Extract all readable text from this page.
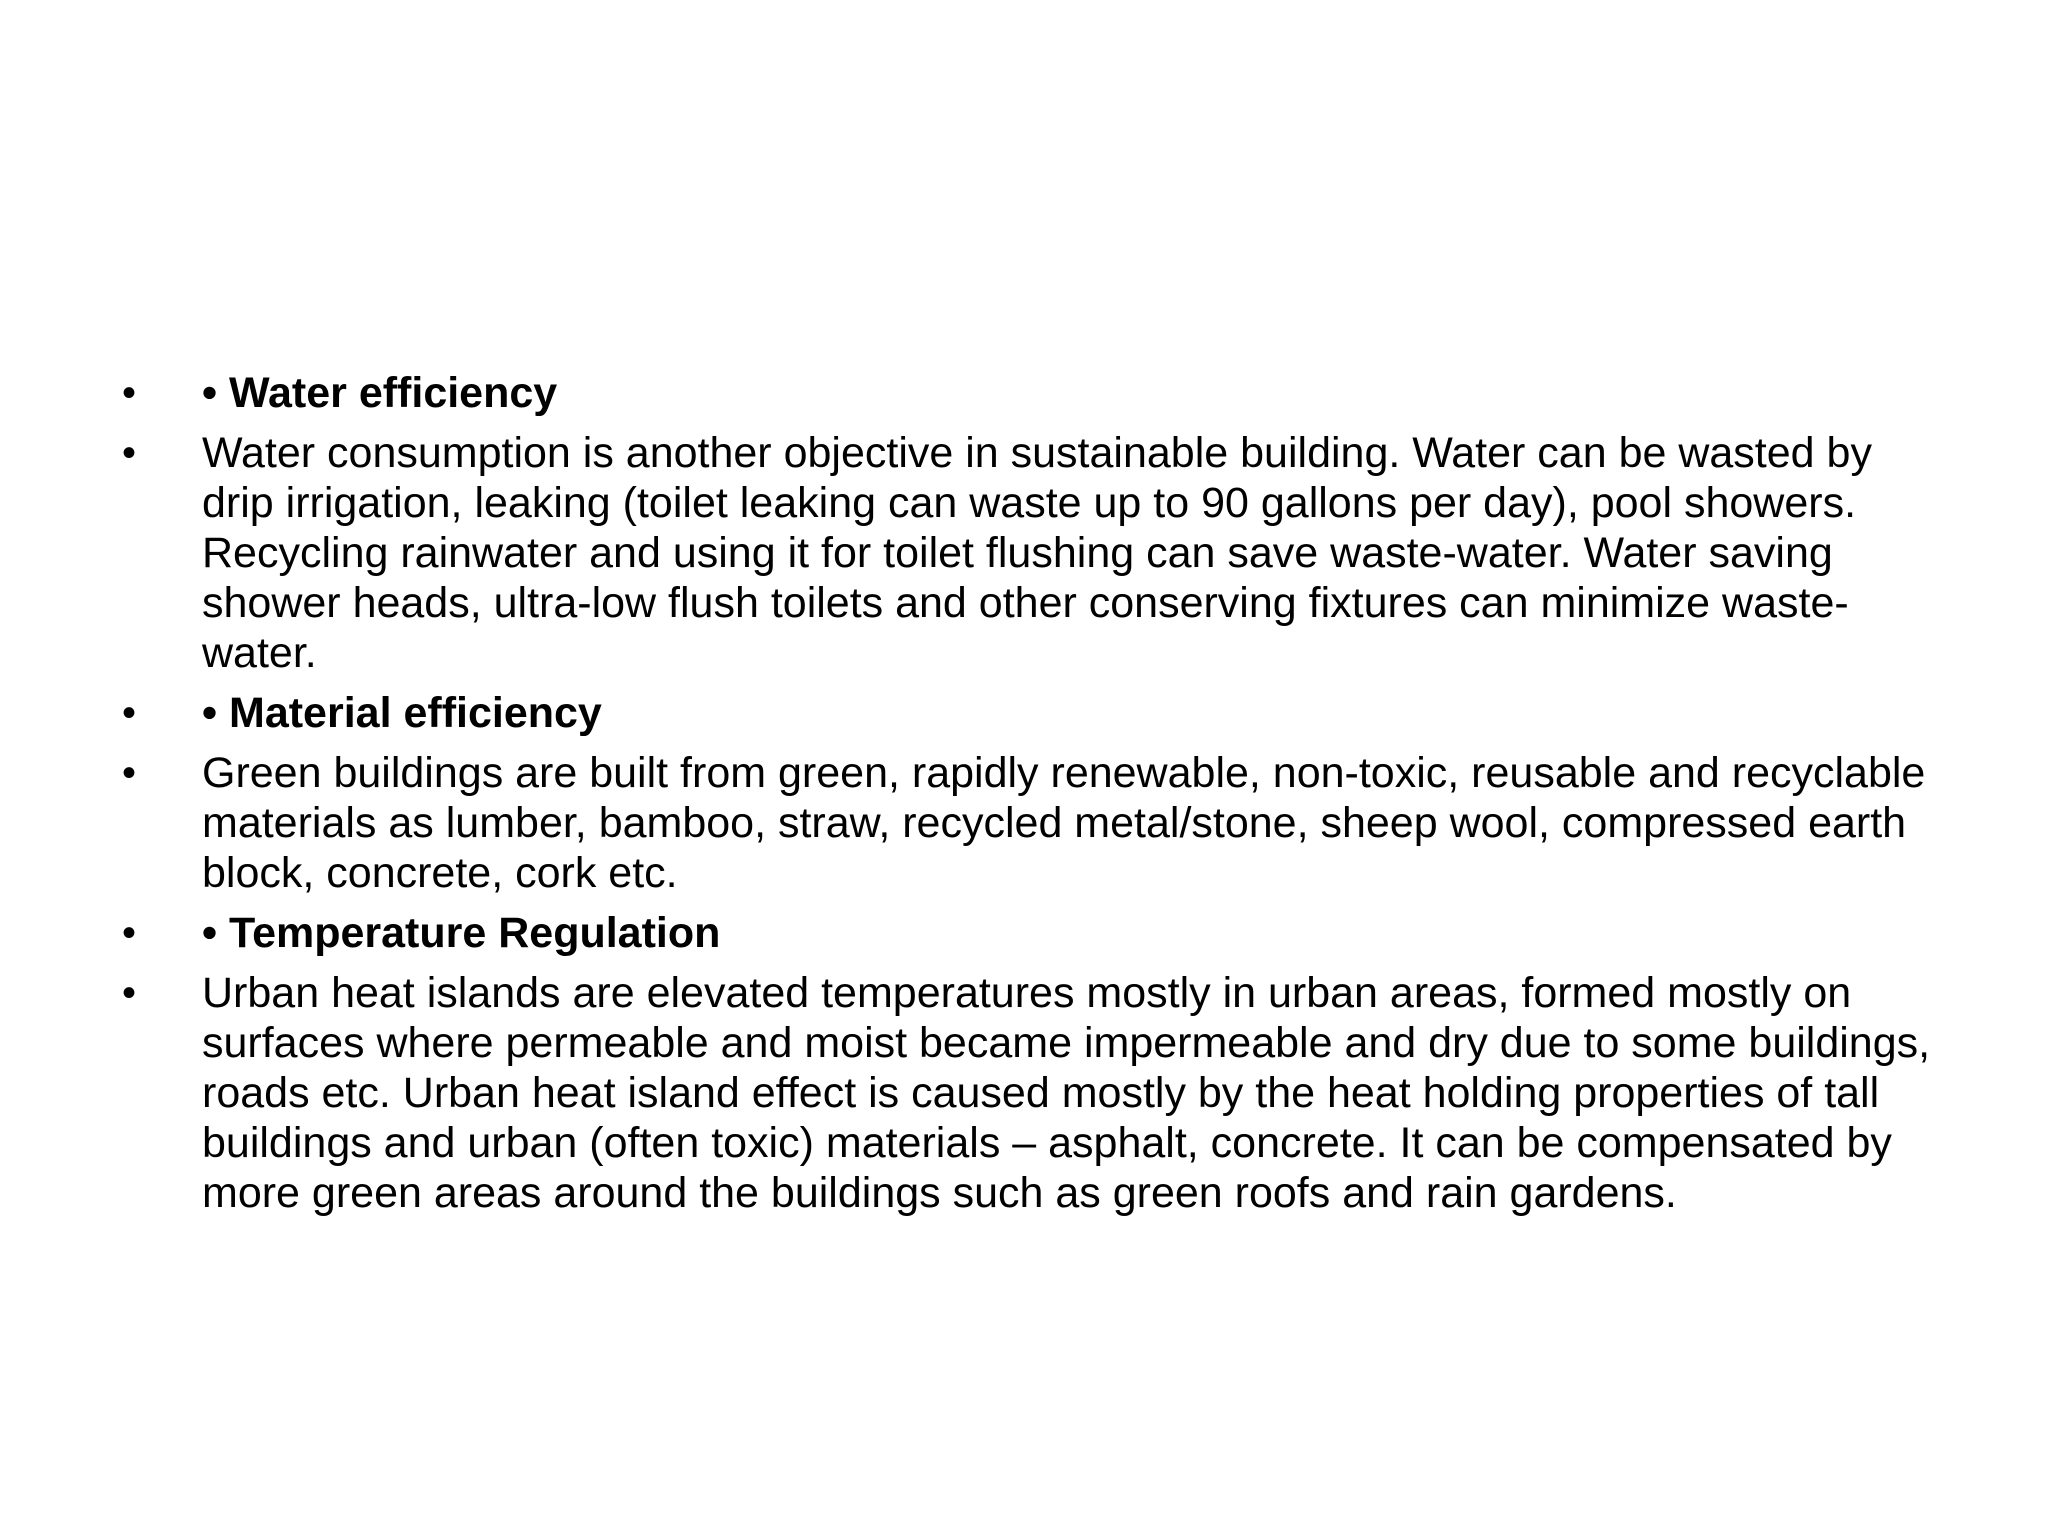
•	• Water efficiency
•	Water consumption is another objective in sustainable building. Water can be wasted by drip irrigation, leaking (toilet leaking can waste up to 90 gallons per day), pool showers. Recycling rainwater and using it for toilet flushing can save waste-water. Water saving shower heads, ultra-low flush toilets and other conserving fixtures can minimize waste-water.
•	• Material efficiency
•	Green buildings are built from green, rapidly renewable, non-toxic, reusable and recyclable materials as lumber, bamboo, straw, recycled metal/stone, sheep wool, compressed earth block, concrete, cork etc.
•	• Temperature Regulation
•	Urban heat islands are elevated temperatures mostly in urban areas, formed mostly on surfaces where permeable and moist became impermeable and dry due to some buildings, roads etc. Urban heat island effect is caused mostly by the heat holding properties of tall buildings and urban (often toxic) materials – asphalt, concrete. It can be compensated by more green areas around the buildings such as green roofs and rain gardens.
